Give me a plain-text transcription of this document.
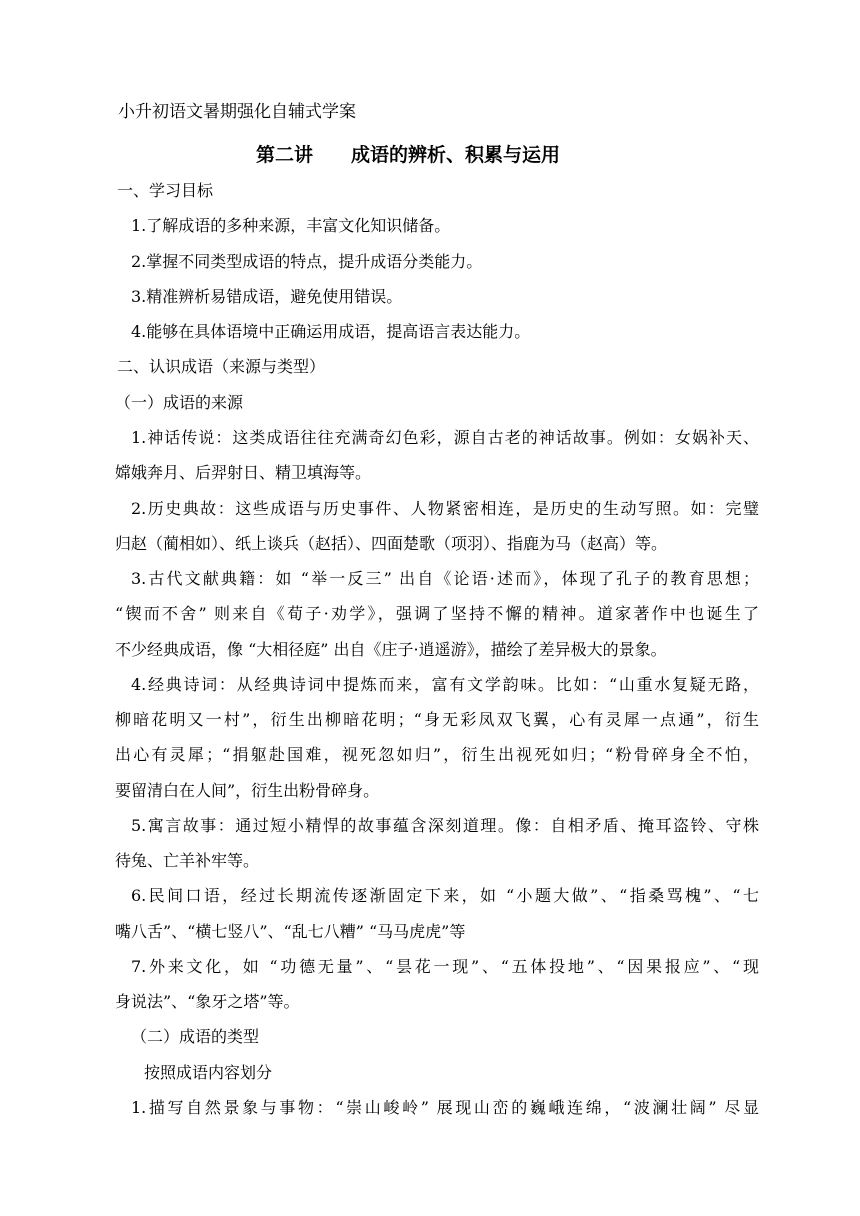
小升初语文暑期强化自辅式学案
第二讲 成语的辨析、积累与运用
一、学习目标
1.了解成语的多种来源，丰富文化知识储备。
2.掌握不同类型成语的特点，提升成语分类能力。
3.精准辨析易错成语，避免使用错误。
4.能够在具体语境中正确运用成语，提高语言表达能力。
二、认识成语（来源与类型）
（一）成语的来源
1.神话传说：这类成语往往充满奇幻色彩，源自古老的神话故事。例如：女娲补天、
嫦娥奔月、后羿射日、精卫填海等。
2.历史典故：这些成语与历史事件、人物紧密相连，是历史的生动写照。如：完璧
归赵（蔺相如）、纸上谈兵（赵括）、四面楚歌（项羽）、指鹿为马（赵高）等。
3.古代文献典籍：如 “举一反三” 出自《论语·述而》，体现了孔子的教育思想；
“锲而不舍” 则来自《荀子·劝学》，强调了坚持不懈的精神。道家著作中也诞生了
不少经典成语，像 “大相径庭” 出自《庄子·逍遥游》，描绘了差异极大的景象。
4.经典诗词：从经典诗词中提炼而来，富有文学韵味。比如：“山重水复疑无路，
柳暗花明又一村”，衍生出柳暗花明；“身无彩凤双飞翼，心有灵犀一点通”，衍生
出心有灵犀；“捐躯赴国难，视死忽如归”，衍生出视死如归；“粉骨碎身全不怕，
要留清白在人间”，衍生出粉骨碎身。
5.寓言故事：通过短小精悍的故事蕴含深刻道理。像：自相矛盾、掩耳盗铃、守株
待兔、亡羊补牢等。
6.民间口语，经过长期流传逐渐固定下来，如 “小题大做”、“指桑骂槐”、“七
嘴八舌”、“横七竖八”、“乱七八糟” “马马虎虎”等
7.外来文化，如 “功德无量”、“昙花一现”、“五体投地”、“因果报应”、“现
身说法”、“象牙之塔”等。
（二）成语的类型
按照成语内容划分
1.描写自然景象与事物：“崇山峻岭” 展现山峦的巍峨连绵，“波澜壮阔” 尽显
